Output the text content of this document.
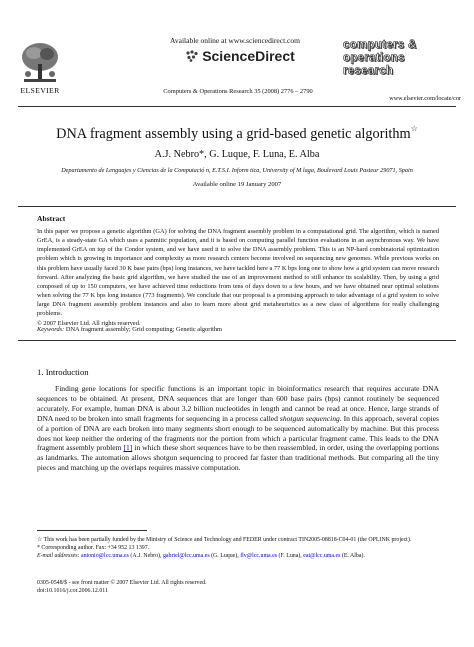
Available online at www.sciencedirect.com
ScienceDirect
Computers & Operations Research 35 (2008) 2776 – 2790
ELSEVIER
computers &
operations
research
www.elsevier.com/locate/cor
DNA fragment assembly using a grid-based genetic algorithm☆
A.J. Nebro*, G. Luque, F. Luna, E. Alba
Departamento de Lenguajes y Ciencias de la Computació n, E.T.S.I. Inform tica, University of M laga, Boulevard Louis Pasteur 29071, Spain
Available online 19 January 2007
Abstract
In this paper we propose a genetic algorithm (GA) for solving the DNA fragment assembly problem in a computational grid. The algorithm, which is named GrEA, is a steady-state GA which uses a panmitic population, and it is based on computing parallel function evaluations in an asynchronous way. We have implemented GrEA on top of the Condor system, and we have used it to solve the DNA assembly problem. This is an NP-hard combinatorial optimization problem which is growing in importance and complexity as more research centers become involved on sequencing new genomes. While previous works on this problem have usually faced 30 K base pairs (bps) long instances, we have tackled here a 77 K bps long one to show how a grid system can move research forward. After analyzing the basic grid algorithm, we have studied the use of an improvement method to still enhance its scalability. Then, by using a grid composed of up to 150 computers, we have achieved time reductions from tens of days down to a few hours, and we have obtained near optimal solutions when solving the 77 K bps long instance (773 fragments). We conclude that our proposal is a promising approach to take advantage of a grid system to solve large DNA fragment assembly problem instances and also to learn more about grid metaheuristics as a new class of algorithms for really challenging problems.
© 2007 Elsevier Ltd. All rights reserved.
Keywords: DNA fragment assembly; Grid computing; Genetic algorithm
1. Introduction

Finding gene locations for specific functions is an important topic in bioinformatics research that requires accurate DNA sequences to be obtained. At present, DNA sequences that are longer than 600 base pairs (bps) cannot routinely be sequenced accurately. For example, human DNA is about 3.2 billion nucleotides in length and cannot be read at once. Hence, large strands of DNA need to be broken into small fragments for sequencing in a process called shotgun sequencing. In this approach, several copies of a portion of DNA are each broken into many segments short enough to be sequenced automatically by machine. But this process does not keep neither the ordering of the fragments nor the portion from which a particular fragment came. This leads to the DNA fragment assembly problem [1] in which these short sequences have to be then reassembled, in order, using the overlapping portions as landmarks. The automation allows shotgun sequencing to proceed far faster than traditional methods. But comparing all the tiny pieces and matching up the overlaps requires massive computation.

☆ This work has been partially funded by the Ministry of Science and Technology and FEDER under contract TIN2005-08818-C04-01 (the OPLINK project).

* Corresponding author. Fax: +34 952 13 1397.

E-mail addresses: antonio@lcc.uma.es (A.J. Nebro), gabriel@lcc.uma.es (G. Luque), flv@lcc.uma.es (F. Luna), eat@lcc.uma.es (E. Alba).

0305-0548/$ - see front matter © 2007 Elsevier Ltd. All rights reserved.
doi:10.1016/j.cor.2006.12.011
